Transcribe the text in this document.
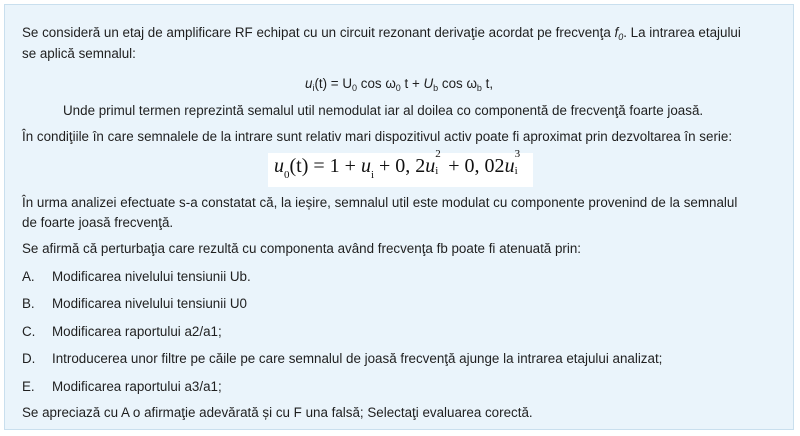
Se consideră un etaj de amplificare RF echipat cu un circuit rezonant derivaţie acordat pe frecvenţa $f_0$. La intrarea etajului
se aplică semnalul:
$u_i(t) = U_0$ $\cos \omega_0$ $t + U_b$ $\cos \omega_b$ t,
Unde primul termen reprezintă semalul util nemodulat iar al doilea co componentă de frecvenţă foarte joasă.
În condiţiile în care semnalele de la intrare sunt relativ mari dispozitivul activ poate fi aproximat prin dezvoltarea în serie:
$u_0(t) = 1 + u_i + 0$, 2u
2
i + 0, 02u
3
i
În urma analizei efectuate s-a constatat că, la ieșire, semnalul util este modulat cu componente provenind de la semnalul
de foarte joasă frecvenţă.
Se afirmă că perturbaţia care rezultă cu componenta având frecvenţa fb poate fi atenuată prin:
A. Modificarea nivelului tensiunii Ub.
B. Modificarea nivelului tensiunii U0
C. Modificarea raportului a2/a1;
D. Introducerea unor filtre pe căile pe care semnalul de joasă frecvenţă ajunge la intrarea etajului analizat;
E. Modificarea raportului a3/a1;
Se apreciază cu A o afirmaţie adevărată și cu F una falsă; Selectaţi evaluarea corectă.
